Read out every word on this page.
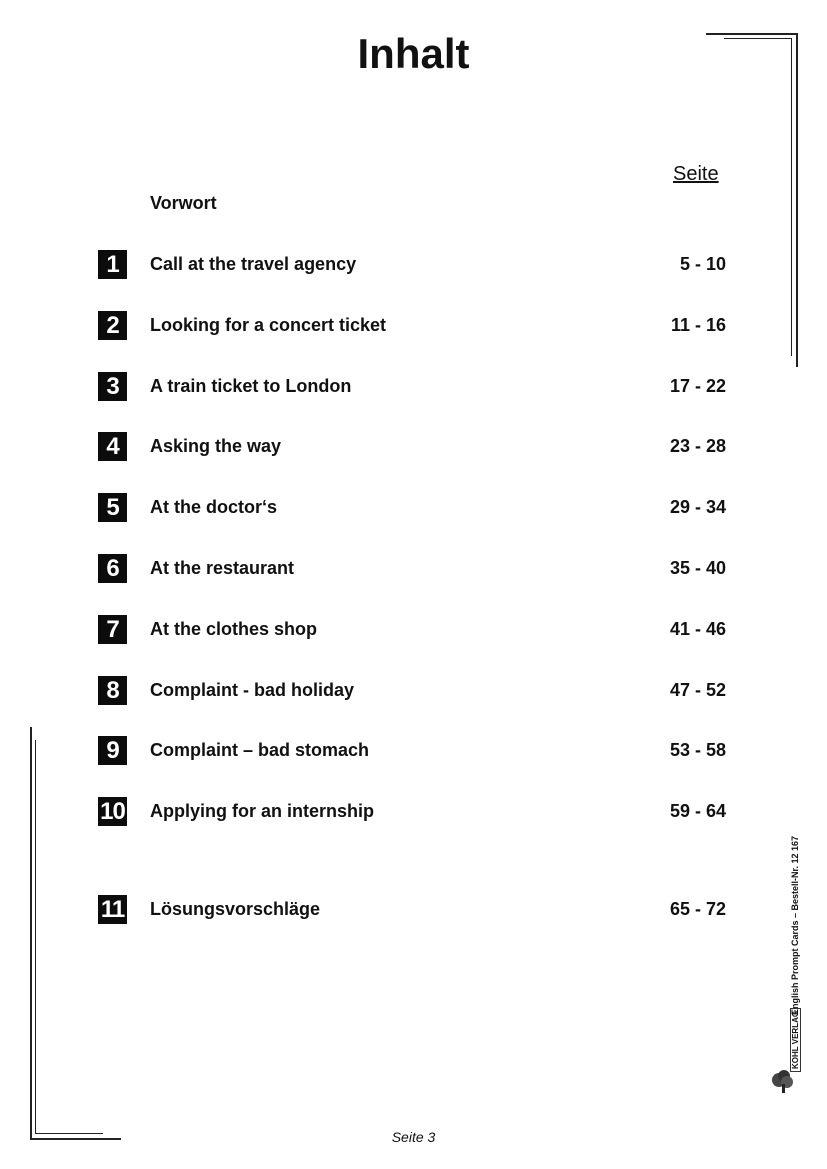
Inhalt
Seite
Vorwort
1	Call at the travel agency	5 - 10
2	Looking for a concert ticket	11 - 16
3	A train ticket to London	17 - 22
4	Asking the way	23 - 28
5	At the doctor‘s	29 - 34
6	At the restaurant	35 - 40
7	At the clothes shop	41 - 46
8	Complaint - bad holiday	47 - 52
9	Complaint – bad stomach	53 - 58
10 Applying for an internship	59 - 64
11 Lösungsvorschläge	65 - 72	English Prompt Cards – Bestell-Nr. 12 167
KOHL VERLAG
Seite 3
